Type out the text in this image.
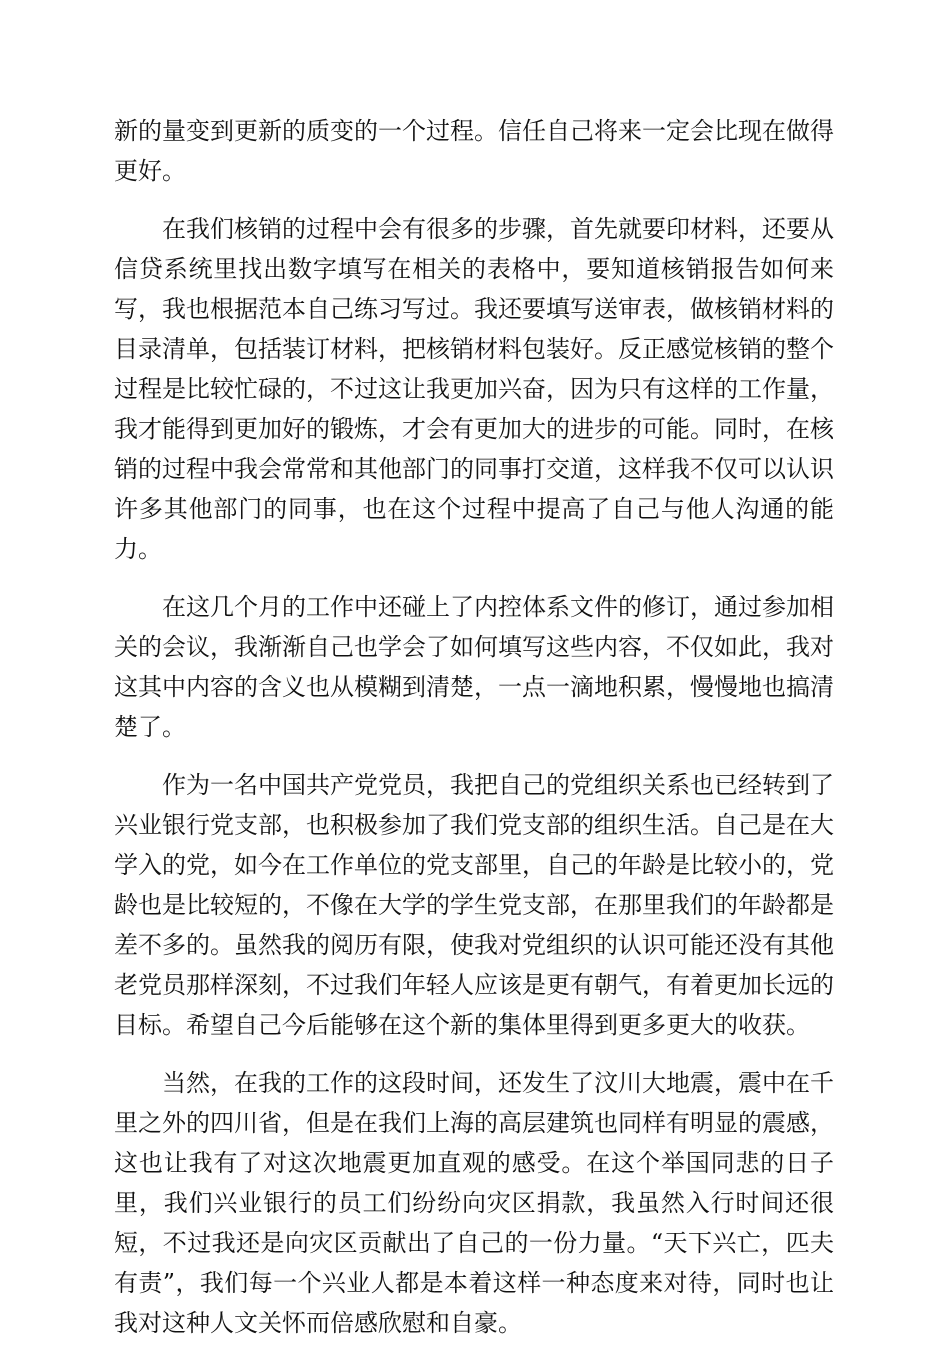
新的量变到更新的质变的一个过程。信任自己将来一定会比现在做得更好。

在我们核销的过程中会有很多的步骤，首先就要印材料，还要从信贷系统里找出数字填写在相关的表格中，要知道核销报告如何来写，我也根据范本自己练习写过。我还要填写送审表，做核销材料的目录清单，包括装订材料，把核销材料包装好。反正感觉核销的整个过程是比较忙碌的，不过这让我更加兴奋，因为只有这样的工作量，我才能得到更加好的锻炼，才会有更加大的进步的可能。同时，在核销的过程中我会常常和其他部门的同事打交道，这样我不仅可以认识许多其他部门的同事，也在这个过程中提高了自己与他人沟通的能力。

在这几个月的工作中还碰上了内控体系文件的修订，通过参加相关的会议，我渐渐自己也学会了如何填写这些内容，不仅如此，我对这其中内容的含义也从模糊到清楚，一点一滴地积累，慢慢地也搞清楚了。

作为一名中国共产党党员，我把自己的党组织关系也已经转到了兴业银行党支部，也积极参加了我们党支部的组织生活。自己是在大学入的党，如今在工作单位的党支部里，自己的年龄是比较小的，党龄也是比较短的，不像在大学的学生党支部，在那里我们的年龄都是差不多的。虽然我的阅历有限，使我对党组织的认识可能还没有其他老党员那样深刻，不过我们年轻人应该是更有朝气，有着更加长远的目标。希望自己今后能够在这个新的集体里得到更多更大的收获。

当然，在我的工作的这段时间，还发生了汶川大地震，震中在千里之外的四川省，但是在我们上海的高层建筑也同样有明显的震感，这也让我有了对这次地震更加直观的感受。在这个举国同悲的日子里，我们兴业银行的员工们纷纷向灾区捐款，我虽然入行时间还很短，不过我还是向灾区贡献出了自己的一份力量。“天下兴亡，匹夫有责”，我们每一个兴业人都是本着这样一种态度来对待，同时也让我对这种人文关怀而倍感欣慰和自豪。
